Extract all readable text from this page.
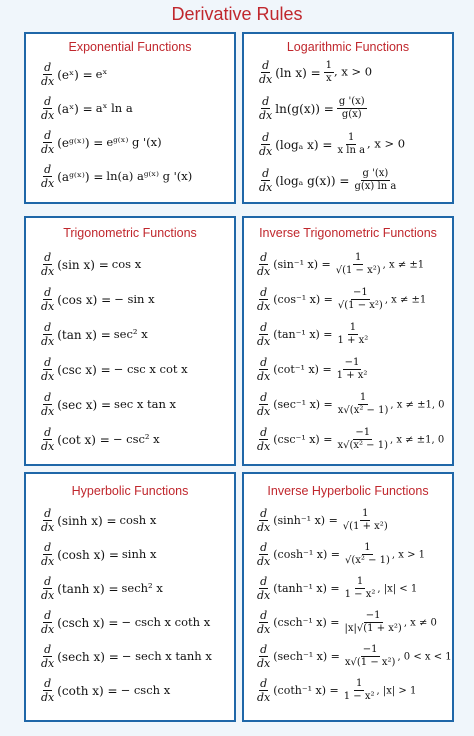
Derivative Rules
Exponential Functions
$\frac{d}{dx}$ (eˣ) = eˣ
$\frac{d}{dx}$ (aˣ) = aˣ ln a
$\frac{d}{dx}$ (eᵍ⁽ˣ⁾) = eᵍ⁽ˣ⁾ g '(x)
$\frac{d}{dx}$ (aᵍ⁽ˣ⁾) = ln(a) aᵍ⁽ˣ⁾ g '(x)
Logarithmic Functions
$\frac{d}{dx} (\ln$ $x) = \frac{1}{x}$ , x > 0
$\frac{d}{dx} \ln(g(x)) = \frac{g '(x)}{g(x)}$
$\frac{d}{dx} (\log_a$ $x) = \frac{1}{\text{x ln a}}$ , x > 0
$\frac{d}{dx} (\log_a$ $g(x)) = \frac{g '(x)}{\text{g(x) ln a}}$
Trigonometric Functions
$\frac{d}{dx} (\sin$ x) = cos x
$\frac{d}{dx} (\cos$ x) = − sin x
$\frac{d}{dx} (\tan$ x) = sec² x
$\frac{d}{dx} (\csc$ x) = − csc x cot x
$\frac{d}{dx} (\sec$ x) = sec x tan x
$\frac{d}{dx} (\cot$ x) = − csc² x
Inverse Trigonometric Functions
$\frac{d}{dx} (\sin^{-1}$ $x) = \frac{1}{\text{√(1 − x²)}}$ , x ≠ ±1
$\frac{d}{dx} (\cos^{-1}$ $x) = \frac{-1}{\text{√(1 − x²)}}$ , x ≠ ±1
$\frac{d}{dx} (\tan^{-1}$ $x) = \frac{1}{\text{1 + x²}}$
$\frac{d}{dx} (\cot^{-1}$ $x) = \frac{-1}{\text{1 + x²}}$
$\frac{d}{dx} (\sec^{-1}$ $x) = \frac{1}{\text{x√(x² − 1)}}$ , x ≠ ±1, 0
$\frac{d}{dx} (\csc^{-1}$ $x) = \frac{-1}{\text{x√(x² − 1)}}$ , x ≠ ±1, 0
Hyperbolic Functions
$\frac{d}{dx} (\sinh$ x) = cosh x
$\frac{d}{dx} (\cosh$ x) = sinh x
$\frac{d}{dx} (\tanh$ x) = sech² x
$\frac{d}{dx} (\csc h$ x) = − csch x coth x
$\frac{d}{dx} (\sec h$ x) = − sech x tanh x
$\frac{d}{dx} (\cot h$ x) = − csch x
Inverse Hyperbolic Functions
$\frac{d}{dx} (\sinh^{-1}$ $x) = \frac{1}{\text{√(1 + x²)}}$
$\frac{d}{dx} (\cosh^{-1}$ $x) = \frac{1}{\text{√(x² − 1)}}$ , x > 1
$\frac{d}{dx} (\tanh^{-1}$ $x) = \frac{1}{\text{1 − x²}}$ , |x| < 1
$\frac{d}{dx} (\csc h^{-1}$ $x) = \frac{-1}{\text{|x|√(1 + x²)}}$ , x ≠ 0
$\frac{d}{dx} (\sec h^{-1}$ $x) = \frac{-1}{\text{x√(1 − x²)}}$ , 0 < x < 1
$\frac{d}{dx} (\cot h^{-1}$ $x) = \frac{1}{\text{1 − x²}}$ , |x| > 1
